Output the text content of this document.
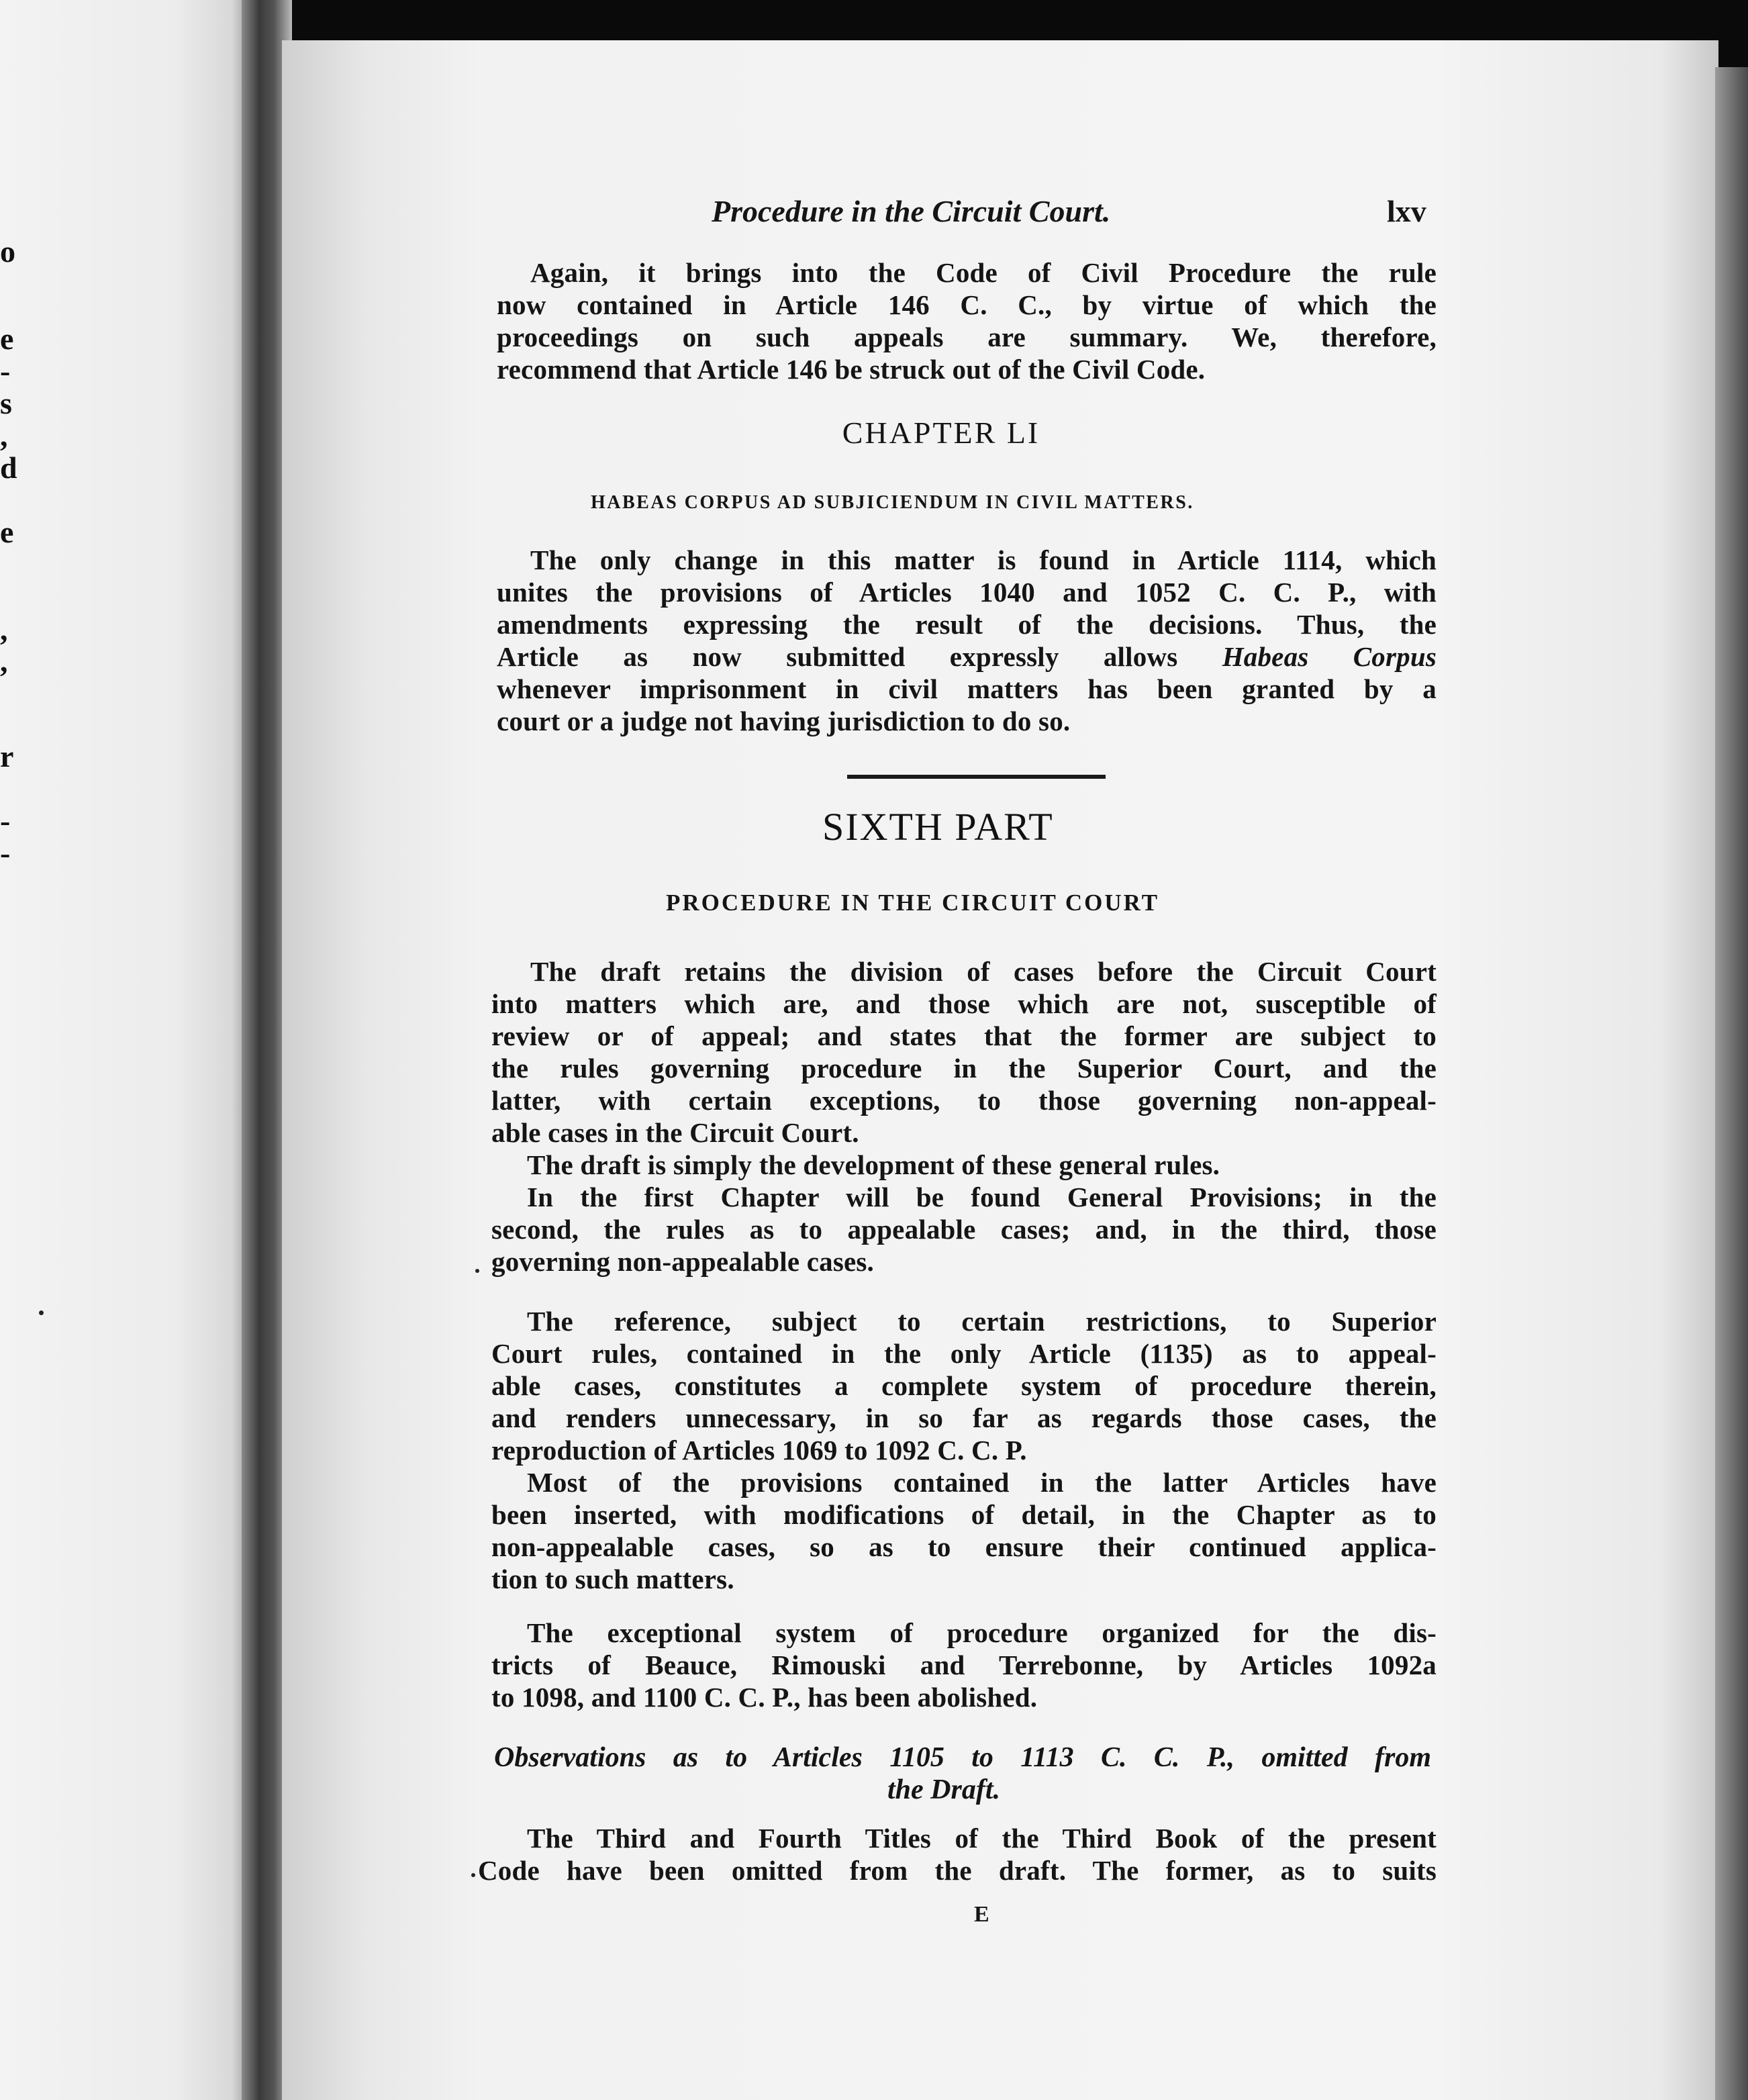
o
e
-
s
,
d
e
,
,
r
-
-
Procedure in the Circuit Court.	lxv
Again, it brings into the Code of Civil Procedure the rule
now contained in Article 146 C. C., by virtue of which the
proceedings on such appeals are summary. We, therefore,
recommend that Article 146 be struck out of the Civil Code.
CHAPTER LI
HABEAS CORPUS AD SUBJICIENDUM IN CIVIL MATTERS.
The only change in this matter is found in Article 1114, which
unites the provisions of Articles 1040 and 1052 C. C. P., with
amendments expressing the result of the decisions. Thus, the
Article as now submitted expressly allows Habeas Corpus
whenever imprisonment in civil matters has been granted by a
court or a judge not having jurisdiction to do so.
SIXTH PART
PROCEDURE IN THE CIRCUIT COURT
The draft retains the division of cases before the Circuit Court
into matters which are, and those which are not, susceptible of
review or of appeal; and states that the former are subject to
the rules governing procedure in the Superior Court, and the
latter, with certain exceptions, to those governing non-appeal-
able cases in the Circuit Court.
The draft is simply the development of these general rules.
In the first Chapter will be found General Provisions; in the
second, the rules as to appealable cases; and, in the third, those
governing non-appealable cases.
The reference, subject to certain restrictions, to Superior
Court rules, contained in the only Article (1135) as to appeal-
able cases, constitutes a complete system of procedure therein,
and renders unnecessary, in so far as regards those cases, the
reproduction of Articles 1069 to 1092 C. C. P.
Most of the provisions contained in the latter Articles have
been inserted, with modifications of detail, in the Chapter as to
non-appealable cases, so as to ensure their continued applica-
tion to such matters.
The exceptional system of procedure organized for the dis-
tricts of Beauce, Rimouski and Terrebonne, by Articles 1092a
to 1098, and 1100 C. C. P., has been abolished.
Observations as to Articles 1105 to 1113 C. C. P., omitted from
the Draft.
The Third and Fourth Titles of the Third Book of the present
Code have been omitted from the draft. The former, as to suits
E
